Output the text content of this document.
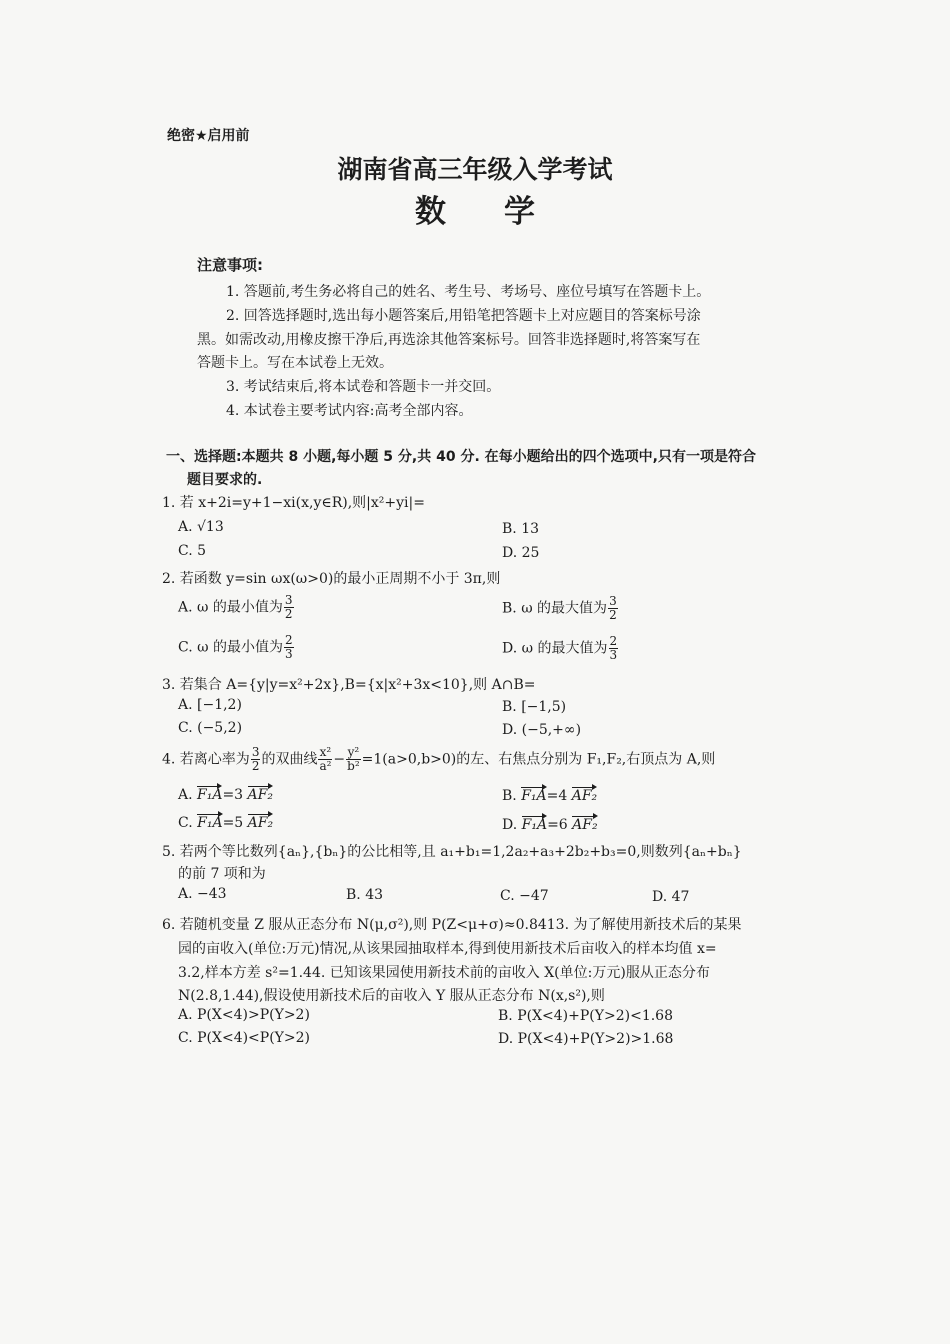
绝密★启用前
湖南省高三年级入学考试
数学
注意事项:
1. 答题前,考生务必将自己的姓名、考生号、考场号、座位号填写在答题卡上。
2. 回答选择题时,选出每小题答案后,用铅笔把答题卡上对应题目的答案标号涂
黑。如需改动,用橡皮擦干净后,再选涂其他答案标号。回答非选择题时,将答案写在
答题卡上。写在本试卷上无效。
3. 考试结束后,将本试卷和答题卡一并交回。
4. 本试卷主要考试内容:高考全部内容。
一、选择题:本题共 8 小题,每小题 5 分,共 40 分. 在每小题给出的四个选项中,只有一项是符合
题目要求的.
1. 若 x+2i=y+1−xi(x,y∈R),则|x²+yi|=
A. √13	B. 13
C. 5	D. 25
2. 若函数 y=sin ωx(ω>0)的最小正周期不小于 3π,则
A. ω 的最小值为 $\frac{3}{2}$	B. ω 的最大值为 $\frac{3}{2}$
C. ω 的最小值为 $\frac{2}{3}$	D. ω 的最大值为 $\frac{2}{3}$
3. 若集合 A={y|y=x²+2x},B={x|x²+3x<10},则 A∩B=
A. [−1,2)	B. [−1,5)
C. (−5,2)	D. (−5,+∞)
4. 若离心率为 $\frac{3}{2}$ 的双曲线 $\frac{\text{x²}}{\text{a²}} - \frac{\text{y²}}{\text{b²}} =1(a>0,b>0)$的左、右焦点分别为 F₁,F₂,右顶点为 A,则
A. F₁A=3 AF₂	B. F₁A=4 AF₂
C. F₁A=5 AF₂	D. F₁A=6 AF₂
5. 若两个等比数列{aₙ},{bₙ}的公比相等,且 a₁+b₁=1,2a₂+a₃+2b₂+b₃=0,则数列{aₙ+bₙ}
的前 7 项和为
A. −43	B. 43	C. −47	D. 47
6. 若随机变量 Z 服从正态分布 N(μ,σ²),则 P(Z<μ+σ)≈0.8413. 为了解使用新技术后的某果
园的亩收入(单位:万元)情况,从该果园抽取样本,得到使用新技术后亩收入的样本均值 x=
3.2,样本方差 s²=1.44. 已知该果园使用新技术前的亩收入 X(单位:万元)服从正态分布
N(2.8,1.44),假设使用新技术后的亩收入 Y 服从正态分布 N(x,s²),则
A. P(X<4)>P(Y>2)	B. P(X<4)+P(Y>2)<1.68
C. P(X<4)<P(Y>2)	D. P(X<4)+P(Y>2)>1.68
